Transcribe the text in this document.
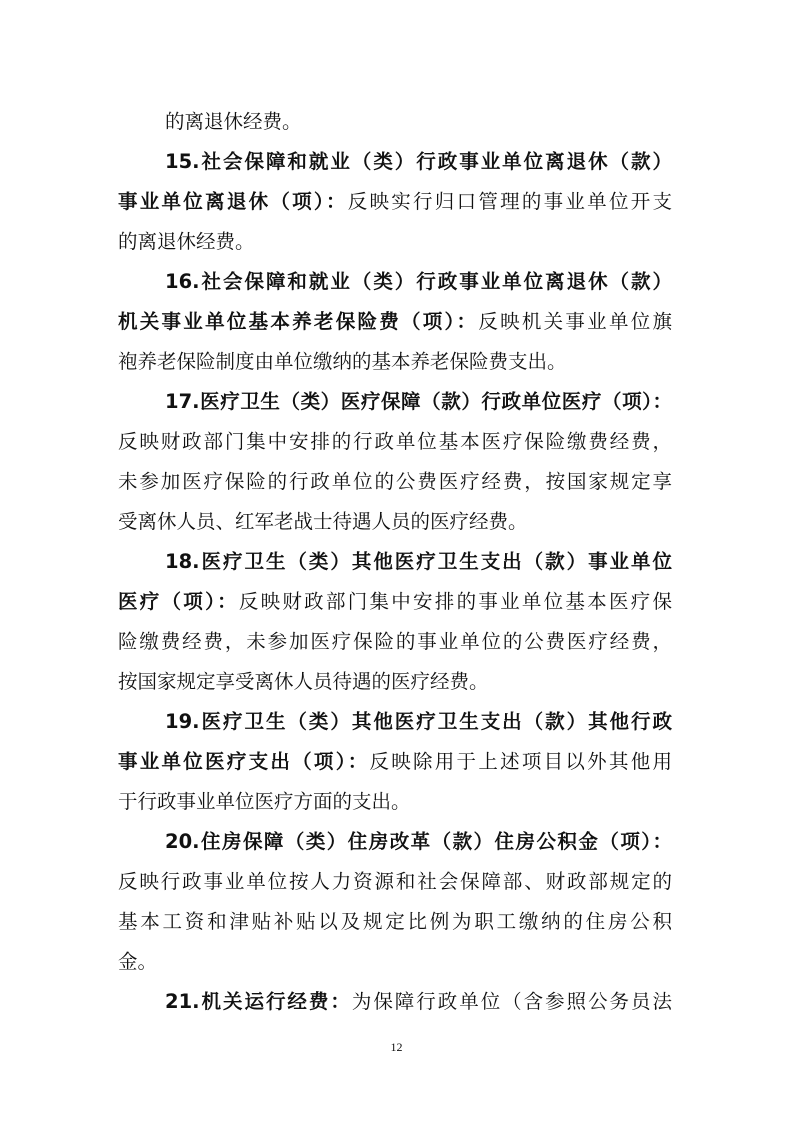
的离退休经费。
15.社会保障和就业（类）行政事业单位离退休（款）
事业单位离退休（项）：反映实行归口管理的事业单位开支
的离退休经费。
16.社会保障和就业（类）行政事业单位离退休（款）
机关事业单位基本养老保险费（项）：反映机关事业单位旗
袍养老保险制度由单位缴纳的基本养老保险费支出。
17.医疗卫生（类）医疗保障（款）行政单位医疗（项）：
反映财政部门集中安排的行政单位基本医疗保险缴费经费，
未参加医疗保险的行政单位的公费医疗经费，按国家规定享
受离休人员、红军老战士待遇人员的医疗经费。
18.医疗卫生（类）其他医疗卫生支出（款）事业单位
医疗（项）：反映财政部门集中安排的事业单位基本医疗保
险缴费经费，未参加医疗保险的事业单位的公费医疗经费，
按国家规定享受离休人员待遇的医疗经费。
19.医疗卫生（类）其他医疗卫生支出（款）其他行政
事业单位医疗支出（项）：反映除用于上述项目以外其他用
于行政事业单位医疗方面的支出。
20.住房保障（类）住房改革（款）住房公积金（项）：
反映行政事业单位按人力资源和社会保障部、财政部规定的
基本工资和津贴补贴以及规定比例为职工缴纳的住房公积
金。
21.机关运行经费：为保障行政单位（含参照公务员法
12
